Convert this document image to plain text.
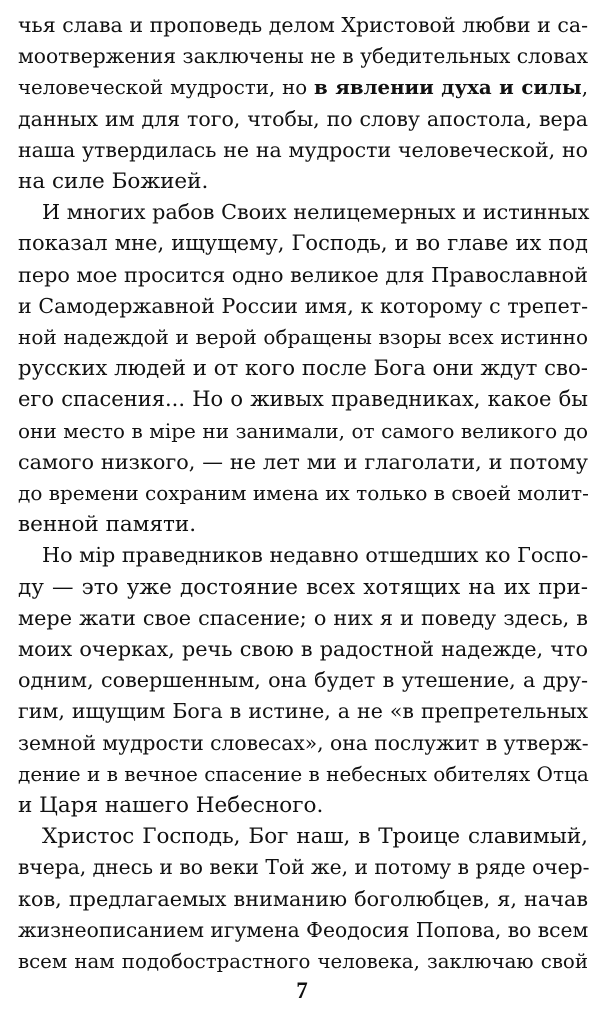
чья слава и проповедь делом Христовой любви и са-
моотвержения заключены не в убедительных словах
человеческой мудрости, но в явлении духа и силы,
данных им для того, чтобы, по слову апостола, вера
наша утвердилась не на мудрости человеческой, но
на силе Божией.
И многих рабов Своих нелицемерных и истинных
показал мне, ищущему, Господь, и во главе их под
перо мое просится одно великое для Православной
и Самодержавной России имя, к которому с трепет-
ной надеждой и верой обращены взоры всех истинно
русских людей и от кого после Бога они ждут сво-
его спасения... Но о живых праведниках, какое бы
они место в міре ни занимали, от самого великого до
самого низкого, — не лет ми и глаголати, и потому
до времени сохраним имена их только в своей молит-
венной памяти.
Но мір праведников недавно отшедших ко Госпо-
ду — это уже достояние всех хотящих на их при-
мере жати свое спасение; о них я и поведу здесь, в
моих очерках, речь свою в радостной надежде, что
одним, совершенным, она будет в утешение, а дру-
гим, ищущим Бога в истине, а не «в препретельных
земной мудрости словесах», она послужит в утверж-
дение и в вечное спасение в небесных обителях Отца
и Царя нашего Небесного.
Христос Господь, Бог наш, в Троице славимый,
вчера, днесь и во веки Той же, и потому в ряде очер-
ков, предлагаемых вниманию боголюбцев, я, начав
жизнеописанием игумена Феодосия Попова, во всем
всем нам подобострастного человека, заключаю свой
7
